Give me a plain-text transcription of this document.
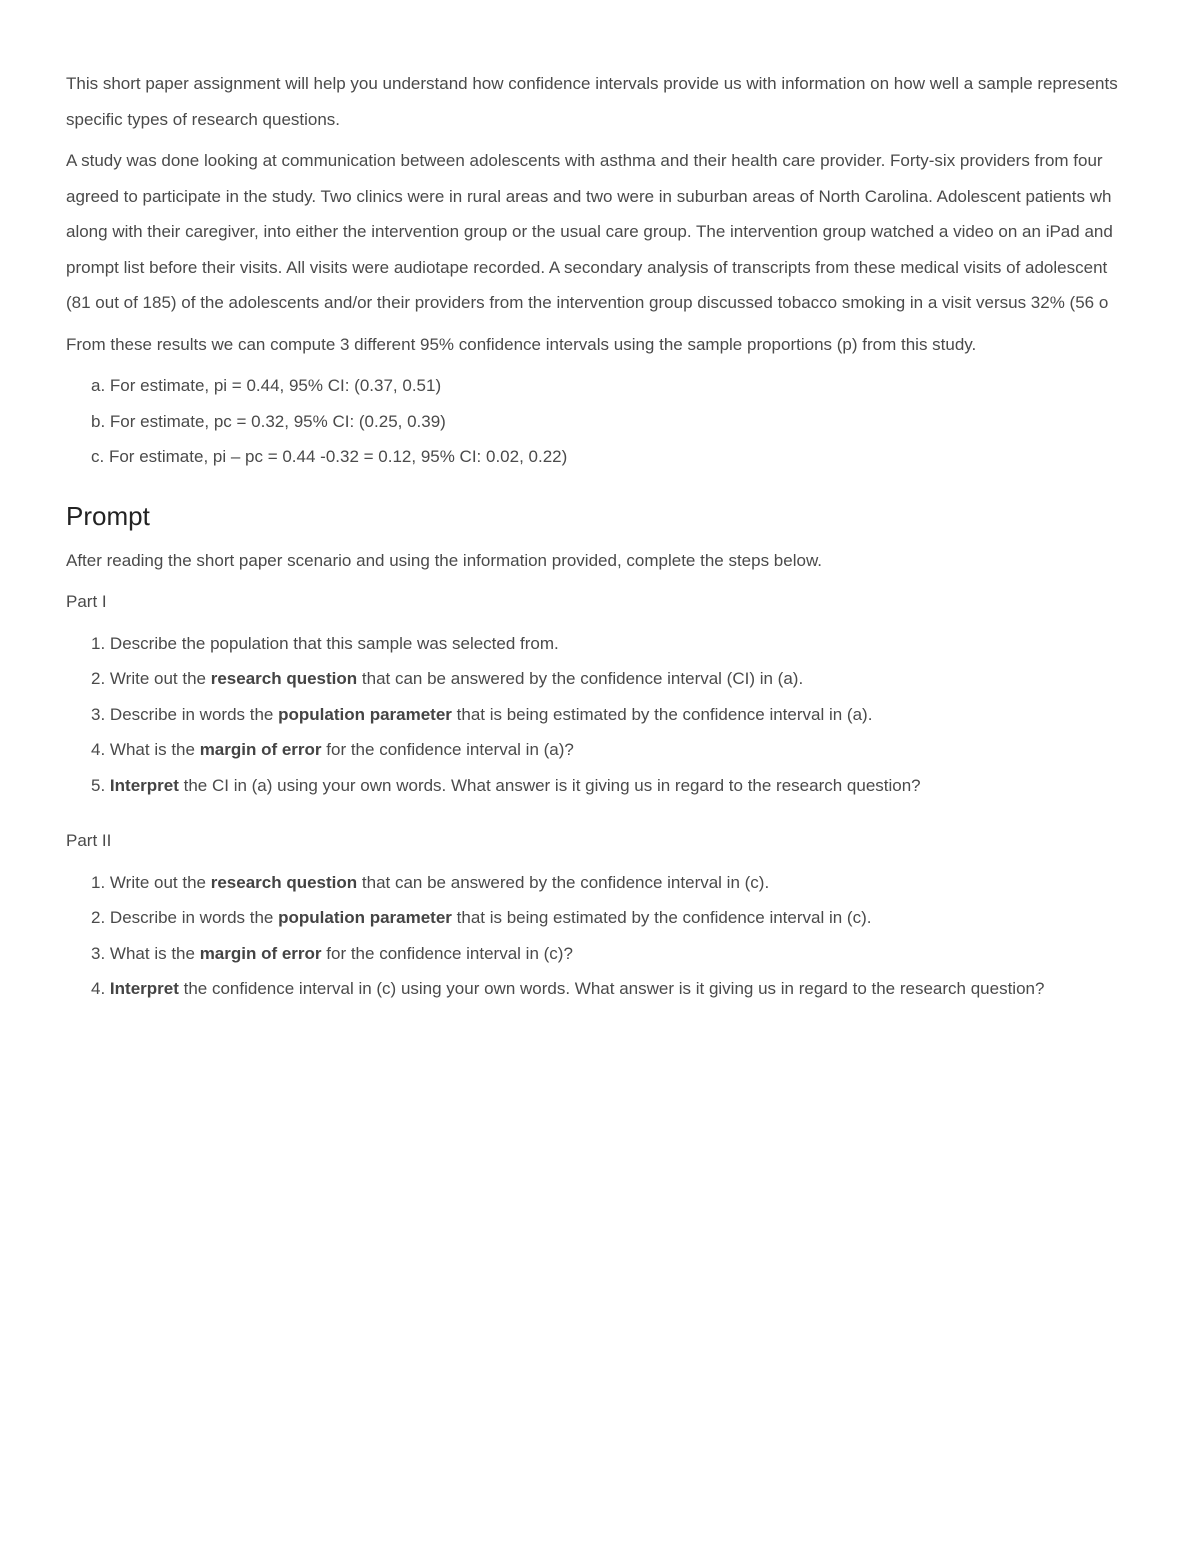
This short paper assignment will help you understand how confidence intervals provide us with information on how well a sample represents
specific types of research questions.

A study was done looking at communication between adolescents with asthma and their health care provider. Forty-six providers from four
agreed to participate in the study. Two clinics were in rural areas and two were in suburban areas of North Carolina. Adolescent patients wh
along with their caregiver, into either the intervention group or the usual care group. The intervention group watched a video on an iPad and
prompt list before their visits. All visits were audiotape recorded. A secondary analysis of transcripts from these medical visits of adolescent
(81 out of 185) of the adolescents and/or their providers from the intervention group discussed tobacco smoking in a visit versus 32% (56 o

From these results we can compute 3 different 95% confidence intervals using the sample proportions (p) from this study.

a. For estimate, pi = 0.44, 95% CI: (0.37, 0.51)
b. For estimate, pc = 0.32, 95% CI: (0.25, 0.39)
c. For estimate, pi – pc = 0.44 -0.32 = 0.12, 95% CI: 0.02, 0.22)
Prompt

After reading the short paper scenario and using the information provided, complete the steps below.

Part I

1. Describe the population that this sample was selected from.
2. Write out the research question that can be answered by the confidence interval (CI) in (a).
3. Describe in words the population parameter that is being estimated by the confidence interval in (a).
4. What is the margin of error for the confidence interval in (a)?
5. Interpret the CI in (a) using your own words. What answer is it giving us in regard to the research question?

Part II

1. Write out the research question that can be answered by the confidence interval in (c).
2. Describe in words the population parameter that is being estimated by the confidence interval in (c).
3. What is the margin of error for the confidence interval in (c)?
4. Interpret the confidence interval in (c) using your own words. What answer is it giving us in regard to the research question?
